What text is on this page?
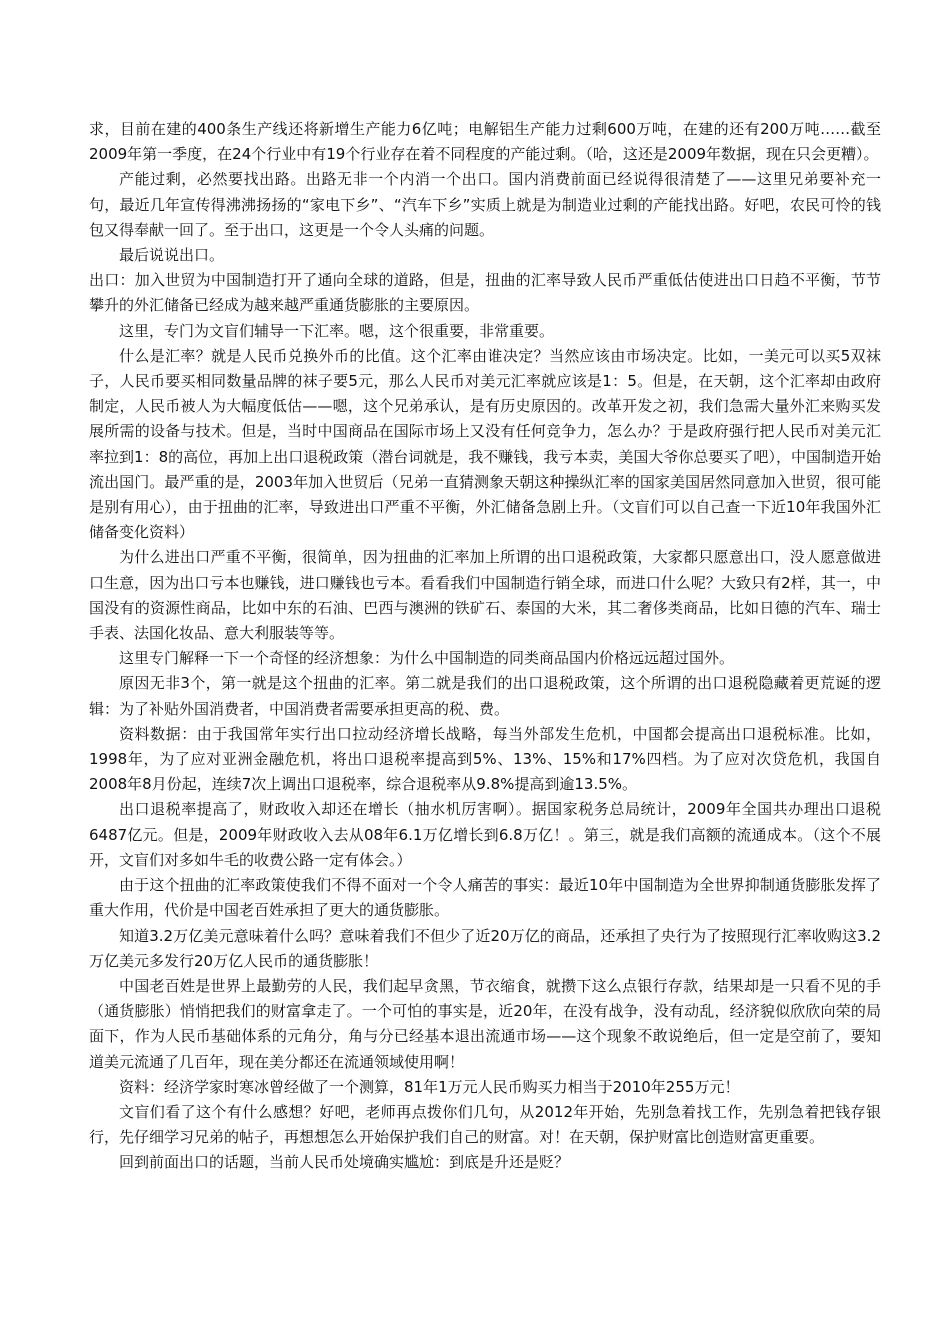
求，目前在建的400条生产线还将新增生产能力6亿吨；电解铝生产能力过剩600万吨，在建的还有200万吨……截至2009年第一季度，在24个行业中有19个行业存在着不同程度的产能过剩。（哈，这还是2009年数据，现在只会更糟）。

产能过剩，必然要找出路。出路无非一个内消一个出口。国内消费前面已经说得很清楚了——这里兄弟要补充一句，最近几年宣传得沸沸扬扬的“家电下乡”、“汽车下乡”实质上就是为制造业过剩的产能找出路。好吧，农民可怜的钱包又得奉献一回了。至于出口，这更是一个令人头痛的问题。

最后说说出口。

出口：加入世贸为中国制造打开了通向全球的道路，但是，扭曲的汇率导致人民币严重低估使进出口日趋不平衡，节节攀升的外汇储备已经成为越来越严重通货膨胀的主要原因。

这里，专门为文盲们辅导一下汇率。嗯，这个很重要，非常重要。

什么是汇率？就是人民币兑换外币的比值。这个汇率由谁决定？当然应该由市场决定。比如，一美元可以买5双袜子，人民币要买相同数量品牌的袜子要5元，那么人民币对美元汇率就应该是1：5。但是，在天朝，这个汇率却由政府制定，人民币被人为大幅度低估——嗯，这个兄弟承认，是有历史原因的。改革开发之初，我们急需大量外汇来购买发展所需的设备与技术。但是，当时中国商品在国际市场上又没有任何竞争力，怎么办？于是政府强行把人民币对美元汇率拉到1：8的高位，再加上出口退税政策（潜台词就是，我不赚钱，我亏本卖，美国大爷你总要买了吧），中国制造开始流出国门。最严重的是，2003年加入世贸后（兄弟一直猜测象天朝这种操纵汇率的国家美国居然同意加入世贸，很可能是别有用心），由于扭曲的汇率，导致进出口严重不平衡，外汇储备急剧上升。（文盲们可以自己查一下近10年我国外汇储备变化资料）

为什么进出口严重不平衡，很简单，因为扭曲的汇率加上所谓的出口退税政策，大家都只愿意出口，没人愿意做进口生意，因为出口亏本也赚钱，进口赚钱也亏本。看看我们中国制造行销全球，而进口什么呢？大致只有2样，其一，中国没有的资源性商品，比如中东的石油、巴西与澳洲的铁矿石、泰国的大米，其二奢侈类商品，比如日德的汽车、瑞士手表、法国化妆品、意大利服装等等。

这里专门解释一下一个奇怪的经济想象：为什么中国制造的同类商品国内价格远远超过国外。

原因无非3个，第一就是这个扭曲的汇率。第二就是我们的出口退税政策，这个所谓的出口退税隐藏着更荒诞的逻辑：为了补贴外国消费者，中国消费者需要承担更高的税、费。

资料数据：由于我国常年实行出口拉动经济增长战略，每当外部发生危机，中国都会提高出口退税标准。比如，1998年，为了应对亚洲金融危机，将出口退税率提高到5%、13%、15%和17%四档。为了应对次贷危机，我国自2008年8月份起，连续7次上调出口退税率，综合退税率从9.8%提高到逾13.5%。

出口退税率提高了，财政收入却还在增长（抽水机厉害啊）。据国家税务总局统计，2009年全国共办理出口退税6487亿元。但是，2009年财政收入去从08年6.1万亿增长到6.8万亿！。第三，就是我们高额的流通成本。（这个不展开，文盲们对多如牛毛的收费公路一定有体会。）

由于这个扭曲的汇率政策使我们不得不面对一个令人痛苦的事实：最近10年中国制造为全世界抑制通货膨胀发挥了重大作用，代价是中国老百姓承担了更大的通货膨胀。

知道3.2万亿美元意味着什么吗？意味着我们不但少了近20万亿的商品，还承担了央行为了按照现行汇率收购这3.2万亿美元多发行20万亿人民币的通货膨胀！

中国老百姓是世界上最勤劳的人民，我们起早贪黑，节衣缩食，就攒下这么点银行存款，结果却是一只看不见的手（通货膨胀）悄悄把我们的财富拿走了。一个可怕的事实是，近20年，在没有战争，没有动乱，经济貌似欣欣向荣的局面下，作为人民币基础体系的元角分，角与分已经基本退出流通市场——这个现象不敢说绝后，但一定是空前了，要知道美元流通了几百年，现在美分都还在流通领域使用啊！

资料：经济学家时寒冰曾经做了一个测算，81年1万元人民币购买力相当于2010年255万元！

文盲们看了这个有什么感想？好吧，老师再点拨你们几句，从2012年开始，先别急着找工作，先别急着把钱存银行，先仔细学习兄弟的帖子，再想想怎么开始保护我们自己的财富。对！在天朝，保护财富比创造财富更重要。

回到前面出口的话题，当前人民币处境确实尴尬：到底是升还是贬？
